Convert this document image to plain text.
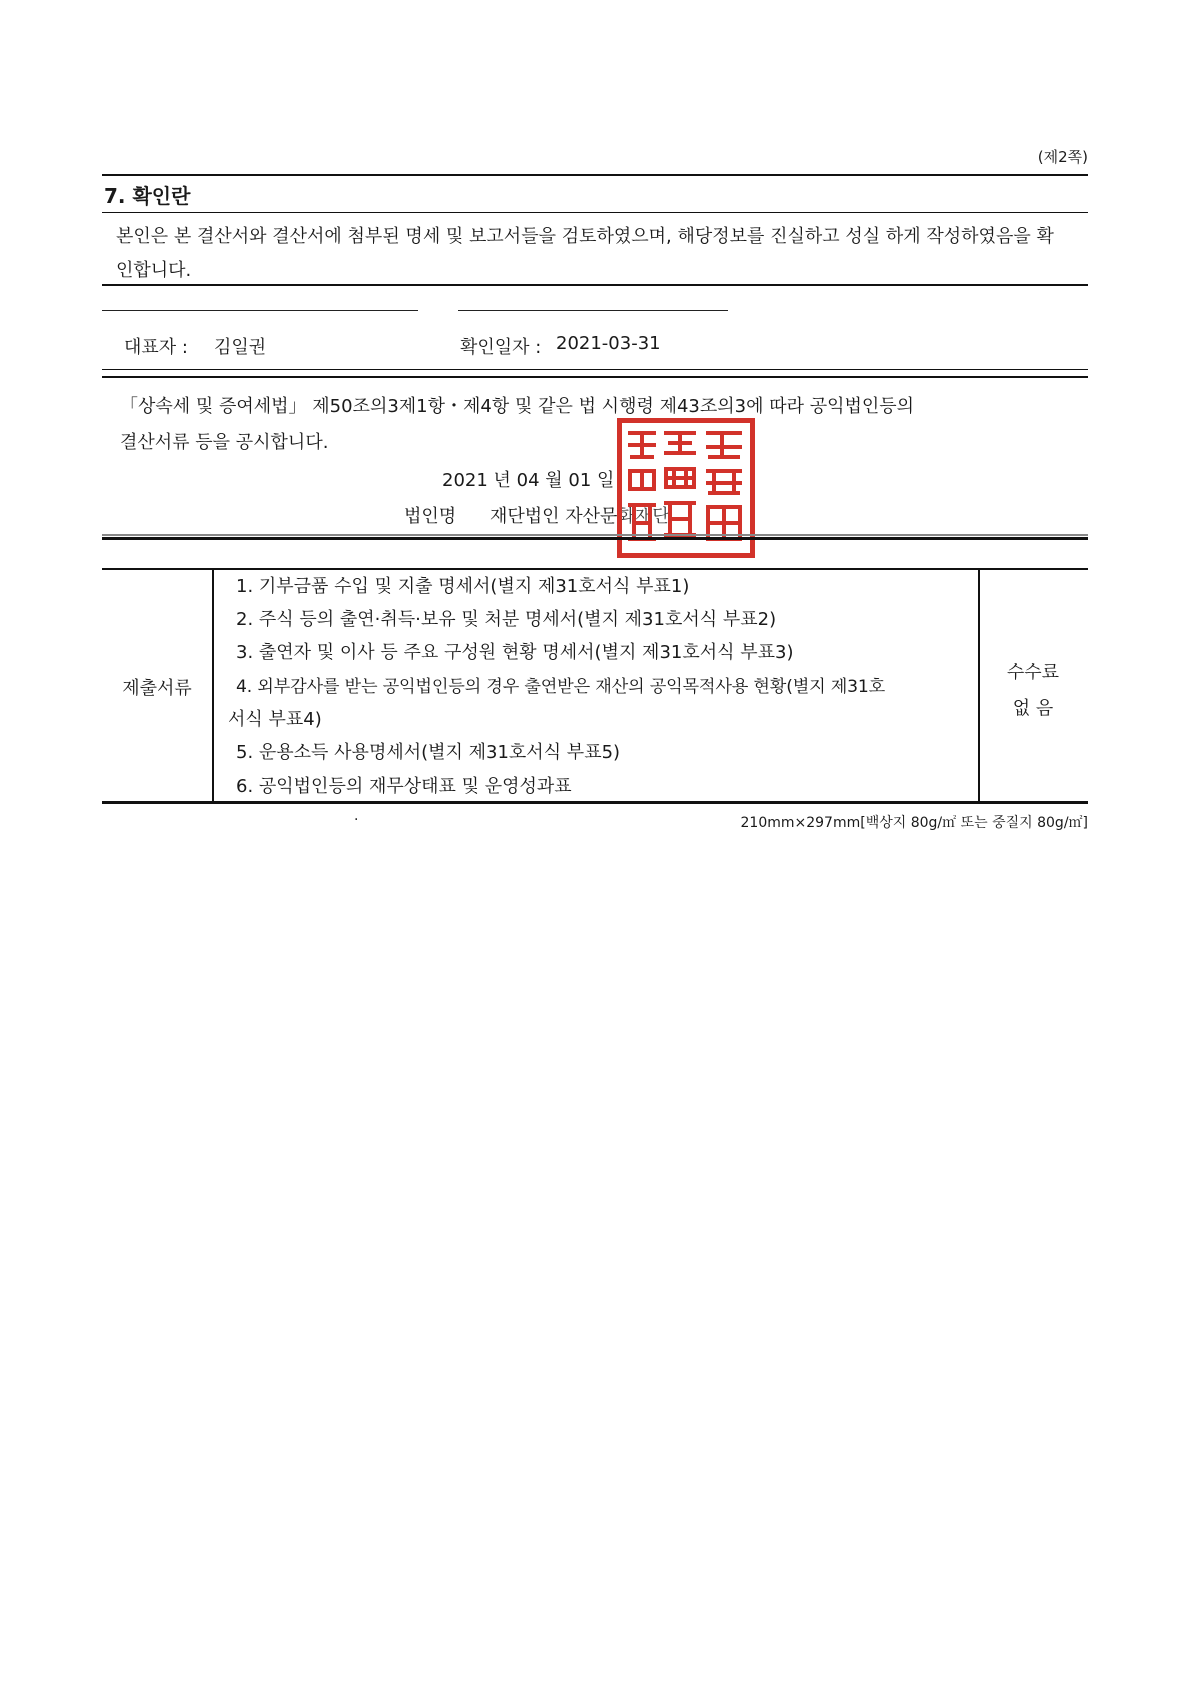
(제2쪽)
7. 확인란
본인은 본 결산서와 결산서에 첨부된 명세 및 보고서들을 검토하였으며, 해당정보를 진실하고 성실 하게 작성하였음을 확
인합니다.
대표자 : 김일권	확인일자 : 2021-03-31
「상속세 및 증여세법」 제50조의3제1항・제4항 및 같은 법 시행령 제43조의3에 따라 공익법인등의
결산서류 등을 공시합니다.
2021 년 04 월 01 일
법인명 재단법인 자산문화재단
제출서류
1. 기부금품 수입 및 지출 명세서(별지 제31호서식 부표1)
2. 주식 등의 출연·취득·보유 및 처분 명세서(별지 제31호서식 부표2)
3. 출연자 및 이사 등 주요 구성원 현황 명세서(별지 제31호서식 부표3)
4. 외부감사를 받는 공익법인등의 경우 출연받은 재산의 공익목적사용 현황(별지 제31호
서식 부표4)
5. 운용소득 사용명세서(별지 제31호서식 부표5)
6. 공익법인등의 재무상태표 및 운영성과표
수수료
없 음
·	210mm×297mm[백상지 80g/㎡ 또는 중질지 80g/㎡]
